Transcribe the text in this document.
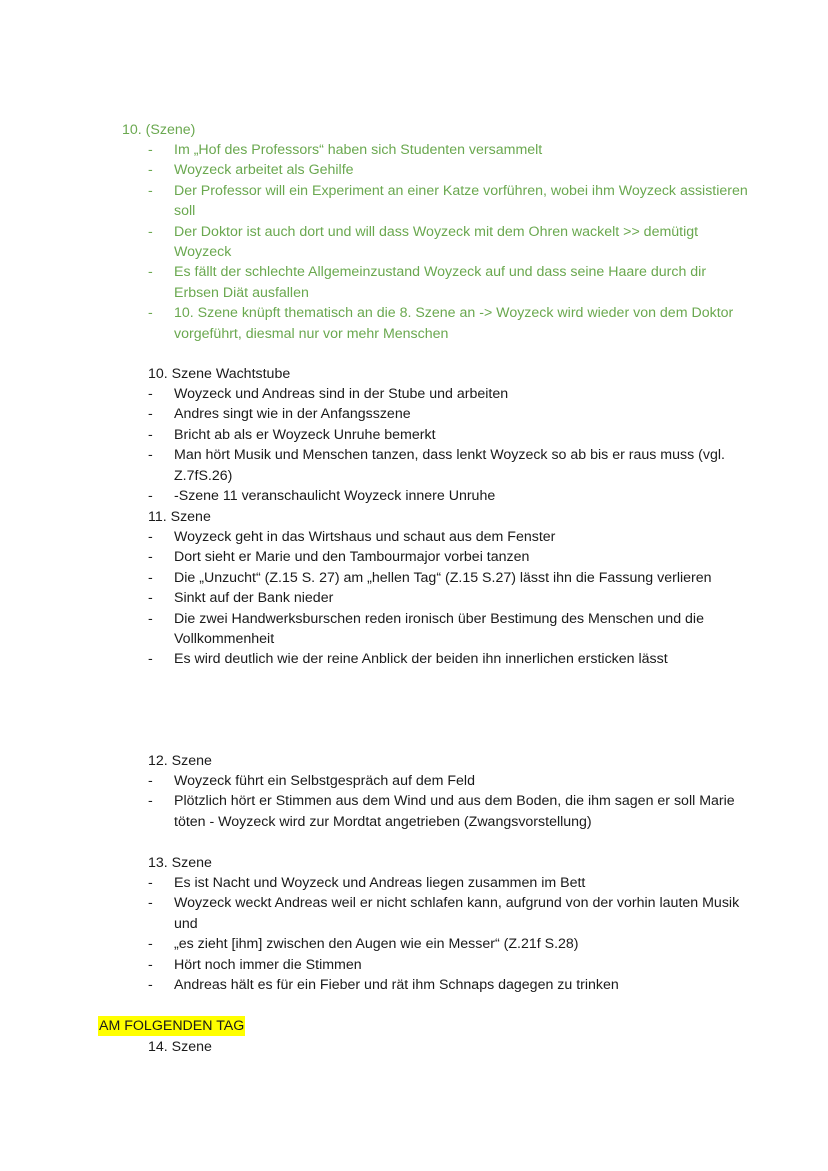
10. (Szene)
- Im „Hof des Professors“ haben sich Studenten versammelt
- Woyzeck arbeitet als Gehilfe
- Der Professor will ein Experiment an einer Katze vorführen, wobei ihm Woyzeck assistieren soll
- Der Doktor ist auch dort und will dass Woyzeck mit dem Ohren wackelt >> demütigt Woyzeck
- Es fällt der schlechte Allgemeinzustand Woyzeck auf und dass seine Haare durch dir Erbsen Diät ausfallen
- 10. Szene knüpft thematisch an die 8. Szene an -> Woyzeck wird wieder von dem Doktor vorgeführt, diesmal nur vor mehr Menschen
10. Szene Wachtstube
- Woyzeck und Andreas sind in der Stube und arbeiten
- Andres singt wie in der Anfangsszene
- Bricht ab als er Woyzeck Unruhe bemerkt
- Man hört Musik und Menschen tanzen, dass lenkt Woyzeck so ab bis er raus muss (vgl. Z.7fS.26)
- -Szene 11 veranschaulicht Woyzeck innere Unruhe
11. Szene
- Woyzeck geht in das Wirtshaus und schaut aus dem Fenster
- Dort sieht er Marie und den Tambourmajor vorbei tanzen
- Die „Unzucht“ (Z.15 S. 27) am „hellen Tag“ (Z.15 S.27) lässt ihn die Fassung verlieren
- Sinkt auf der Bank nieder
- Die zwei Handwerksburschen reden ironisch über Bestimung des Menschen und die Vollkommenheit
- Es wird deutlich wie der reine Anblick der beiden ihn innerlichen ersticken lässt
12. Szene
- Woyzeck führt ein Selbstgespräch auf dem Feld
- Plötzlich hört er Stimmen aus dem Wind und aus dem Boden, die ihm sagen er soll Marie töten - Woyzeck wird zur Mordtat angetrieben (Zwangsvorstellung)
13. Szene
- Es ist Nacht und Woyzeck und Andreas liegen zusammen im Bett
- Woyzeck weckt Andreas weil er nicht schlafen kann, aufgrund von der vorhin lauten Musik und
- „es zieht [ihm] zwischen den Augen wie ein Messer“ (Z.21f S.28)
- Hört noch immer die Stimmen
- Andreas hält es für ein Fieber und rät ihm Schnaps dagegen zu trinken
AM FOLGENDEN TAG
14. Szene
